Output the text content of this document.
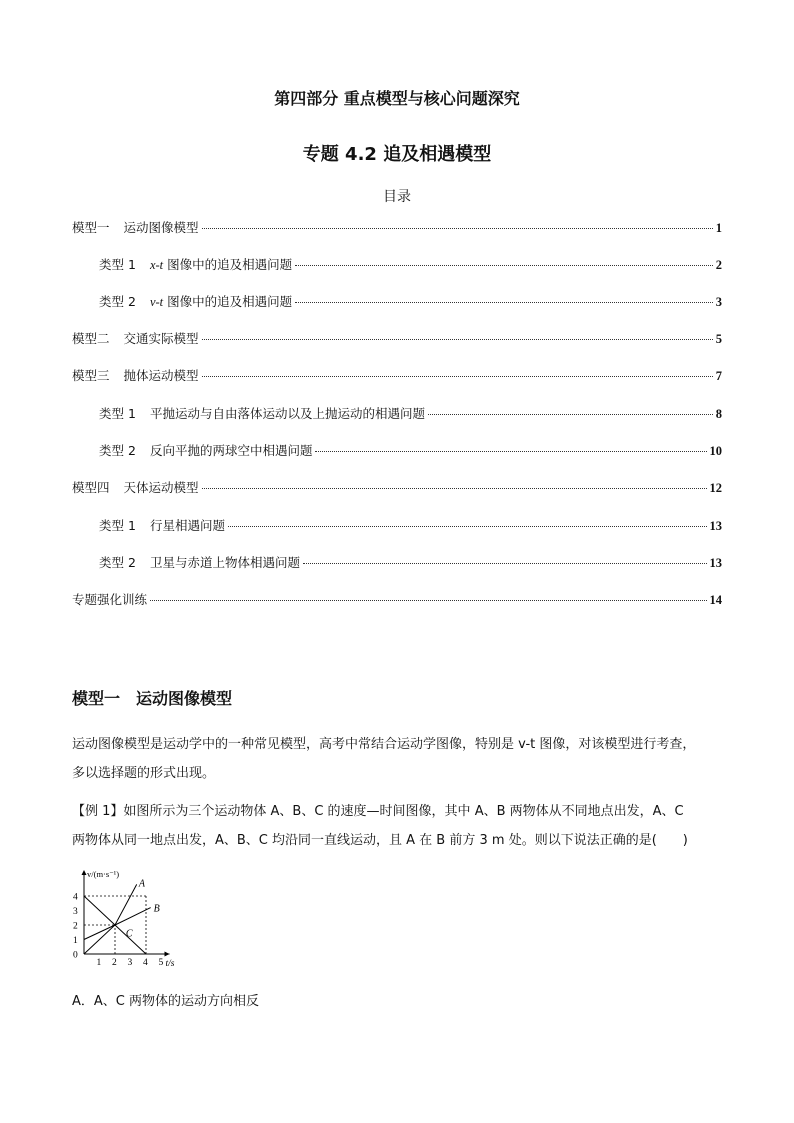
第四部分 重点模型与核心问题深究
专题 4.2 追及相遇模型
目录
模型一 运动图像模型	1
类型 1 x-t 图像中的追及相遇问题	2
类型 2 v-t 图像中的追及相遇问题	3
模型二 交通实际模型	5
模型三 抛体运动模型	7
类型 1 平抛运动与自由落体运动以及上抛运动的相遇问题	8
类型 2 反向平抛的两球空中相遇问题	10
模型四 天体运动模型	12
类型 1 行星相遇问题	13
类型 2 卫星与赤道上物体相遇问题	13
专题强化训练	14
模型一 运动图像模型
运动图像模型是运动学中的一种常见模型，高考中常结合运动学图像，特别是 v-t 图像，对该模型进行考查，
多以选择题的形式出现。
【例 1】如图所示为三个运动物体 A、B、C 的速度—时间图像，其中 A、B 两物体从不同地点出发，A、C
两物体从同一地点出发，A、B、C 均沿同一直线运动，且 A 在 B 前方 3 m 处。则以下说法正确的是(　　)
A
B
C
1 2 3 4 5
0
1
2
3
4
v/(m·s⁻¹)
t/s
A．A、C 两物体的运动方向相反
